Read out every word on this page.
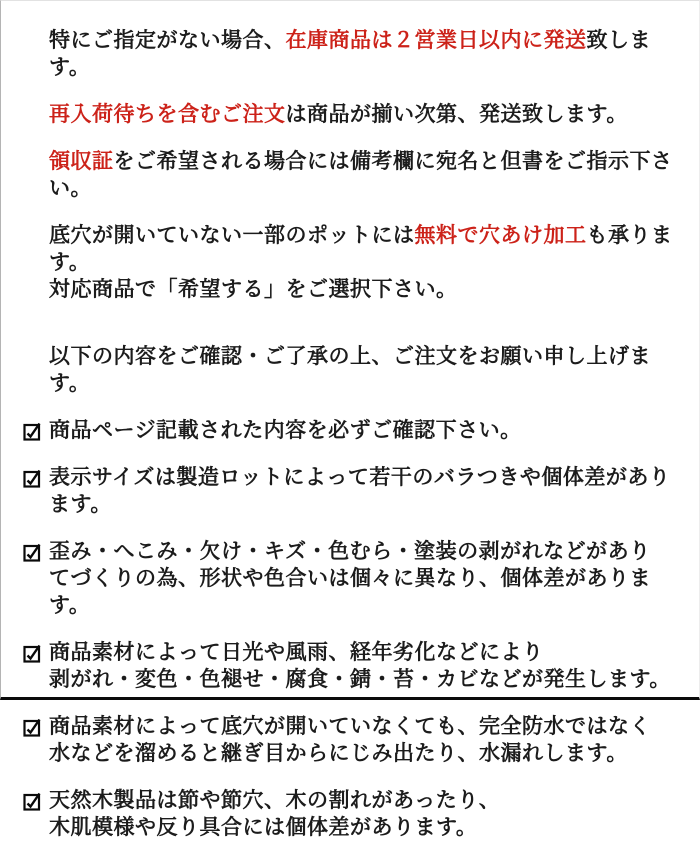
特にご指定がない場合、在庫商品は２営業日以内に発送致します。
再入荷待ちを含むご注文は商品が揃い次第、発送致します。
領収証をご希望される場合には備考欄に宛名と但書をご指示下さい。
底穴が開いていない一部のポットには無料で穴あけ加工も承ります。
対応商品で「希望する」をご選択下さい。
以下の内容をご確認・ご了承の上、ご注文をお願い申し上げます。
商品ページ記載された内容を必ずご確認下さい。
表示サイズは製造ロットによって若干のバラつきや個体差があります。
歪み・へこみ・欠け・キズ・色むら・塗装の剥がれなどがあり
てづくりの為、形状や色合いは個々に異なり、個体差があります。
商品素材によって日光や風雨、経年劣化などにより
剥がれ・変色・色褪せ・腐食・錆・苔・カビなどが発生します。
商品素材によって底穴が開いていなくても、完全防水ではなく
水などを溜めると継ぎ目からにじみ出たり、水漏れします。
天然木製品は節や節穴、木の割れがあったり、
木肌模様や反り具合には個体差があります。
